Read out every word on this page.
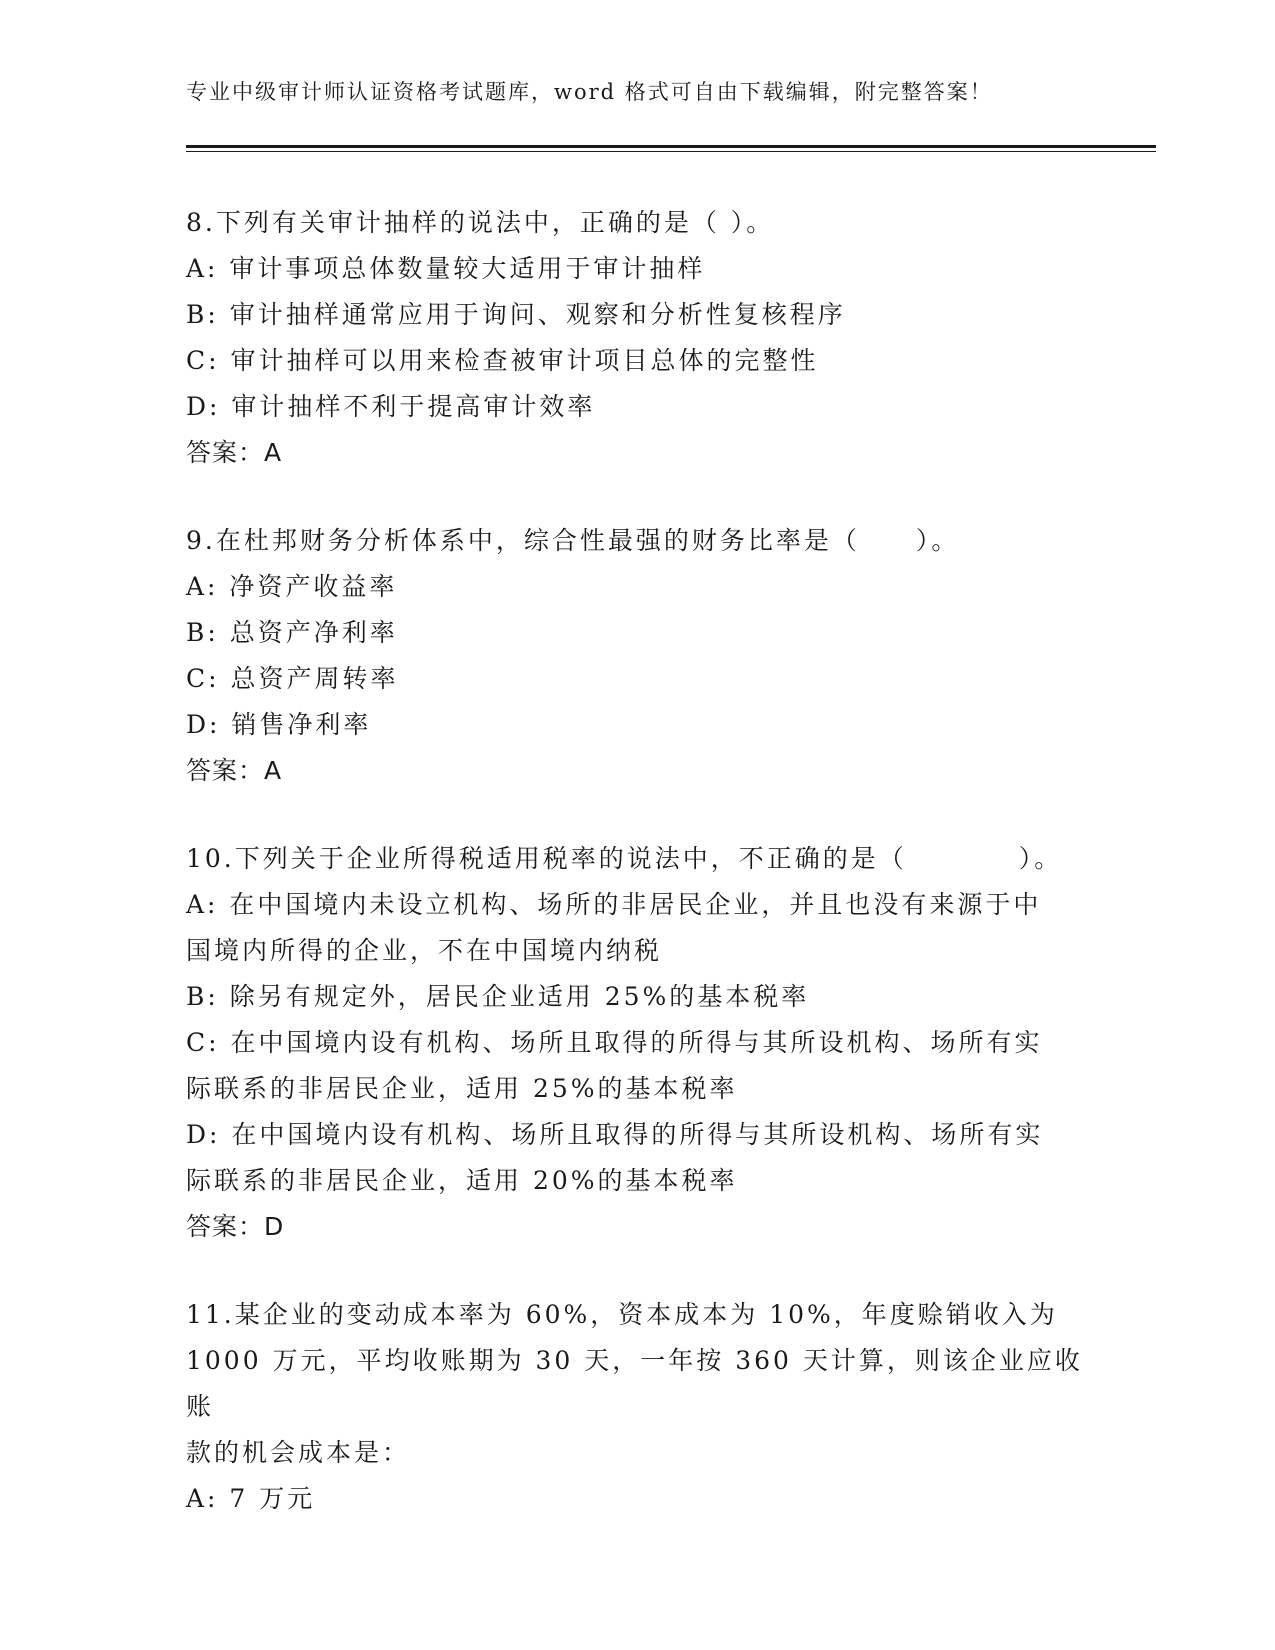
专业中级审计师认证资格考试题库，word 格式可自由下载编辑，附完整答案！
8.下列有关审计抽样的说法中，正确的是（ ）。
A: 审计事项总体数量较大适用于审计抽样
B: 审计抽样通常应用于询问、观察和分析性复核程序
C: 审计抽样可以用来检查被审计项目总体的完整性
D: 审计抽样不利于提高审计效率
答案：A
9.在杜邦财务分析体系中，综合性最强的财务比率是（　　）。
A: 净资产收益率
B: 总资产净利率
C: 总资产周转率
D: 销售净利率
答案：A
10.下列关于企业所得税适用税率的说法中，不正确的是（　　　　）。
A: 在中国境内未设立机构、场所的非居民企业，并且也没有来源于中
国境内所得的企业，不在中国境内纳税
B: 除另有规定外，居民企业适用 25%的基本税率
C: 在中国境内设有机构、场所且取得的所得与其所设机构、场所有实
际联系的非居民企业，适用 25%的基本税率
D: 在中国境内设有机构、场所且取得的所得与其所设机构、场所有实
际联系的非居民企业，适用 20%的基本税率
答案：D
11.某企业的变动成本率为 60%，资本成本为 10%，年度赊销收入为
1000 万元，平均收账期为 30 天，一年按 360 天计算，则该企业应收账
款的机会成本是：
A: 7 万元
